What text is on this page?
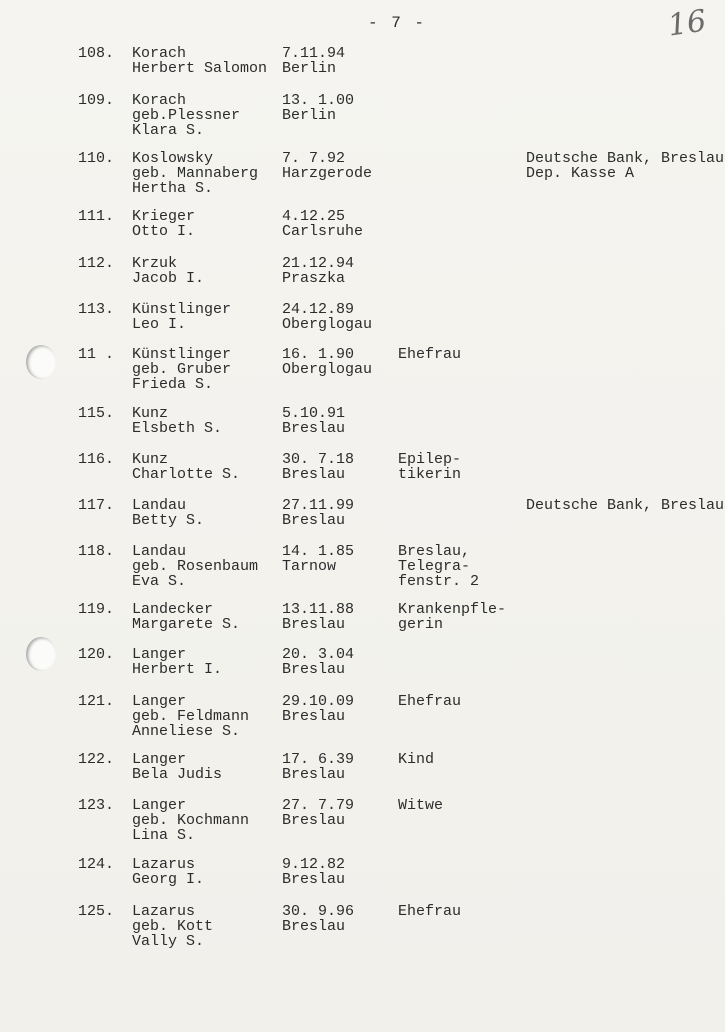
- 7 -	16
108. Korach
Herbert Salomon
7.11.94
Berlin
109. Korach
geb.Plessner
Klara S.
13. 1.00
Berlin
110. Koslowsky
geb. Mannaberg
Hertha S.
7. 7.92
Harzgerode
Deutsche Bank, Breslau
Dep. Kasse A
111. Krieger
Otto I.
4.12.25
Carlsruhe
112. Krzuk
Jacob I.
21.12.94
Praszka
113. Künstlinger
Leo I.
24.12.89
Oberglogau
11 . Künstlinger
geb. Gruber
Frieda S.
16. 1.90
Oberglogau
Ehefrau
115. Kunz
Elsbeth S.
5.10.91
Breslau
116. Kunz
Charlotte S.
30. 7.18
Breslau
Epilep-
tikerin
117. Landau
Betty S.
27.11.99
Breslau
Deutsche Bank, Breslau
118. Landau
geb. Rosenbaum
Eva S.
14. 1.85
Tarnow
Breslau,
Telegra-
fenstr. 2
119. Landecker
Margarete S.
13.11.88
Breslau
Krankenpfle-
gerin
120. Langer
Herbert I.
20. 3.04
Breslau
121. Langer
geb. Feldmann
Anneliese S.
29.10.09
Breslau
Ehefrau
122. Langer
Bela Judis
17. 6.39
Breslau
Kind
123. Langer
geb. Kochmann
Lina S.
27. 7.79
Breslau
Witwe
124. Lazarus
Georg I.
9.12.82
Breslau
125. Lazarus
geb. Kott
Vally S.
30. 9.96
Breslau
Ehefrau
